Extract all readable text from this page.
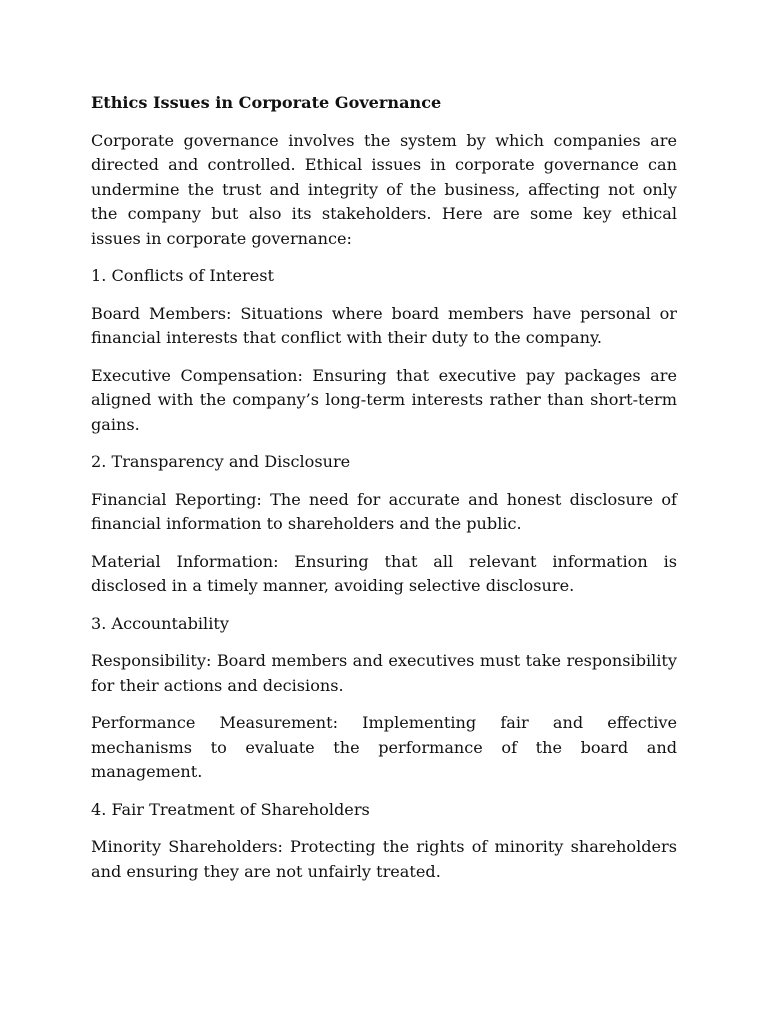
Ethics Issues in Corporate Governance

Corporate governance involves the system by which companies are directed and controlled. Ethical issues in corporate governance can undermine the trust and integrity of the business, affecting not only the company but also its stakeholders. Here are some key ethical issues in corporate governance:

1. Conflicts of Interest

Board Members: Situations where board members have personal or financial interests that conflict with their duty to the company.

Executive Compensation: Ensuring that executive pay packages are aligned with the company’s long-term interests rather than short-term gains.

2. Transparency and Disclosure

Financial Reporting: The need for accurate and honest disclosure of financial information to shareholders and the public.

Material Information: Ensuring that all relevant information is disclosed in a timely manner, avoiding selective disclosure.

3. Accountability

Responsibility: Board members and executives must take responsibility for their actions and decisions.

Performance Measurement: Implementing fair and effective mechanisms to evaluate the performance of the board and management.

4. Fair Treatment of Shareholders

Minority Shareholders: Protecting the rights of minority shareholders and ensuring they are not unfairly treated.
